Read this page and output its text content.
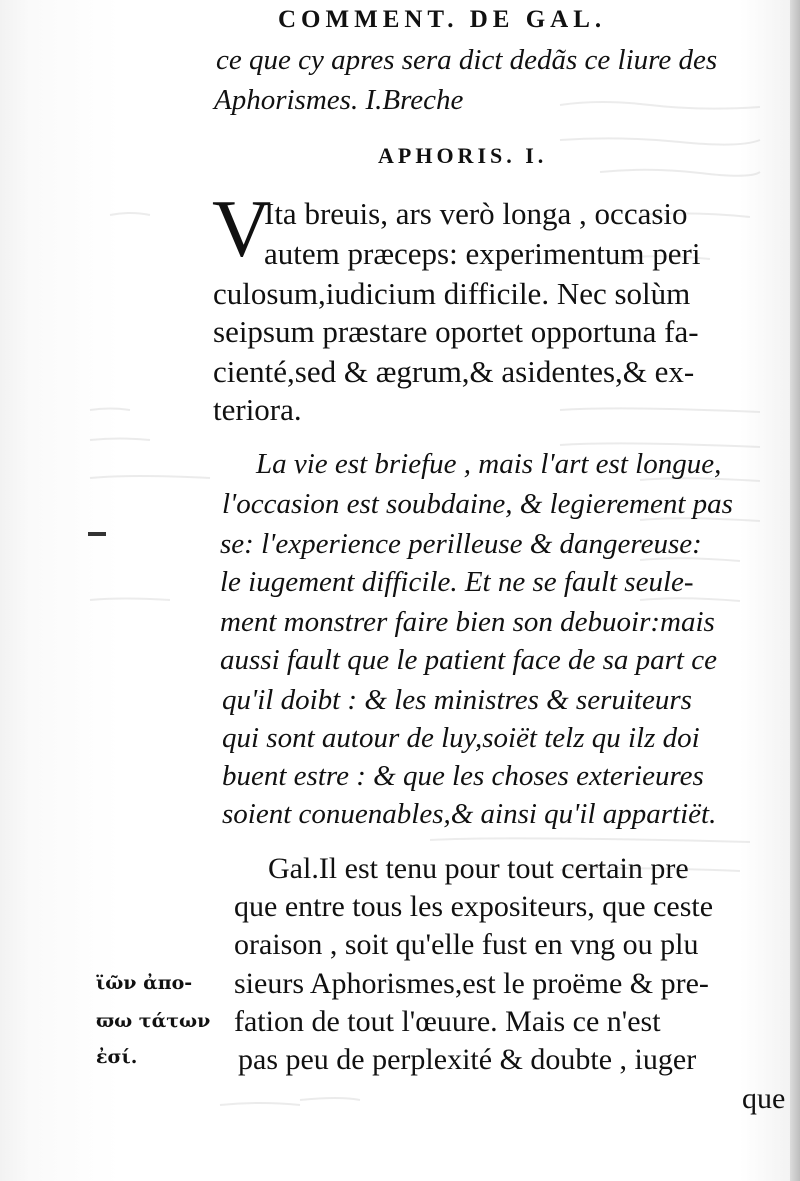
COMMENT. DE GAL.
ce que cy apres sera dict dedãs ce liure des
Aphorismes. I.Breche
APHORIS. I.
V
Ita breuis, ars verò longa , occasio
autem præceps: experimentum peri
culosum,iudicium difficile. Nec solùm
seipsum præstare oportet opportuna fa-
cienté,sed & ægrum,& asidentes,& ex-
teriora.
La vie est briefue , mais l'art est longue,
l'occasion est soubdaine, & legierement pas
se: l'experience perilleuse & dangereuse:
le iugement difficile. Et ne se fault seule-
ment monstrer faire bien son debuoir:mais
aussi fault que le patient face de sa part ce
qu'il doibt : & les ministres & seruiteurs
qui sont autour de luy,soiët telz qu ilz doi
buent estre : & que les choses exterieures
soient conuenables,& ainsi qu'il appartiët.
Gal.Il est tenu pour tout certain pre
que entre tous les expositeurs, que ceste
oraison , soit qu'elle fust en vng ou plu
sieurs Aphorismes,est le proëme & pre-
fation de tout l'œuure. Mais ce n'est
pas peu de perplexité & doubte , iuger
que
ϊῶν ἀπο-
ϖω τάτων
ἐσί.
